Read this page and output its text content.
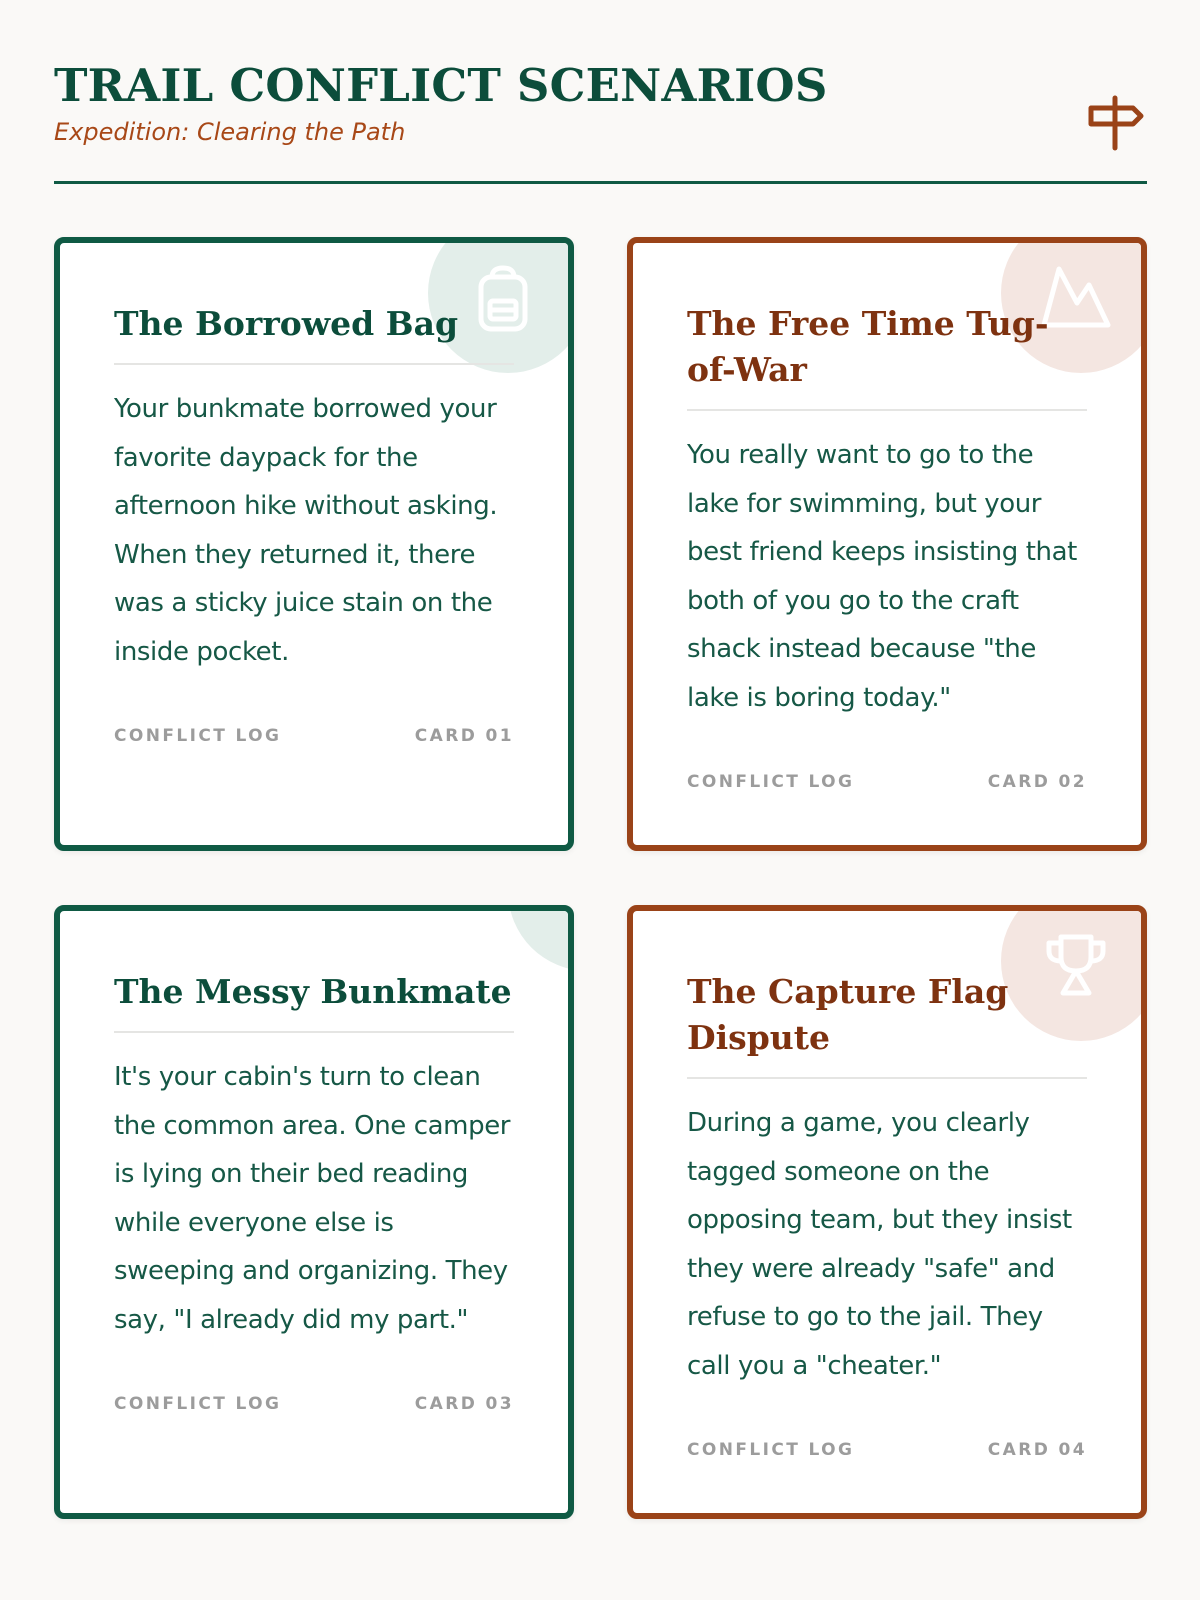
TRAIL CONFLICT SCENARIOS
Expedition: Clearing the Path
The Borrowed Bag

Your bunkmate borrowed your favorite daypack for the afternoon hike without asking. When they returned it, there was a sticky juice stain on the inside pocket.

CONFLICT LOG	CARD 01
The Free Time Tug-of-War

You really want to go to the lake for swimming, but your best friend keeps insisting that both of you go to the craft shack instead because "the lake is boring today."

CONFLICT LOG	CARD 02
The Messy Bunkmate

It's your cabin's turn to clean the common area. One camper is lying on their bed reading while everyone else is sweeping and organizing. They say, "I already did my part."

CONFLICT LOG	CARD 03
The Capture Flag Dispute

During a game, you clearly tagged someone on the opposing team, but they insist they were already "safe" and refuse to go to the jail. They call you a "cheater."

CONFLICT LOG	CARD 04
